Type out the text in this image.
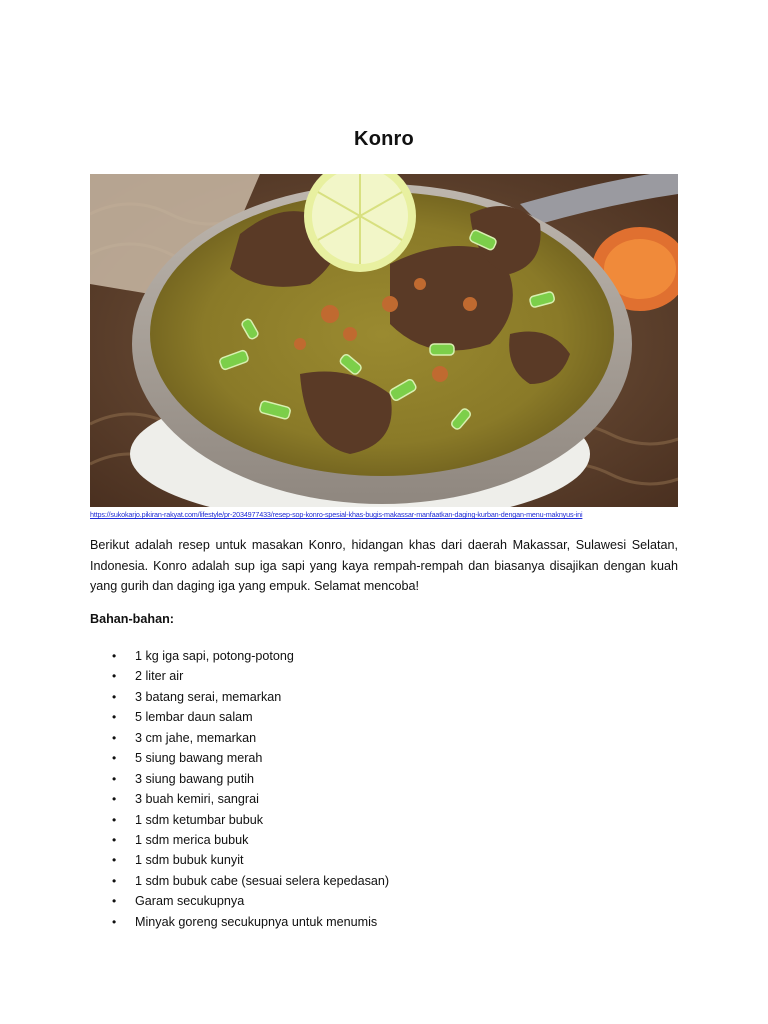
Konro
https://sukokarjo.pikiran-rakyat.com/lifestyle/pr-2034977433/resep-sop-konro-spesial-khas-bugis-makassar-manfaatkan-daging-kurban-dengan-menu-maknyus-ini

Berikut adalah resep untuk masakan Konro, hidangan khas dari daerah Makassar, Sulawesi Selatan, Indonesia. Konro adalah sup iga sapi yang kaya rempah-rempah dan biasanya disajikan dengan kuah yang gurih dan daging iga yang empuk. Selamat mencoba!

Bahan-bahan:

• 1 kg iga sapi, potong-potong
• 2 liter air
• 3 batang serai, memarkan
• 5 lembar daun salam
• 3 cm jahe, memarkan
• 5 siung bawang merah
• 3 siung bawang putih
• 3 buah kemiri, sangrai
• 1 sdm ketumbar bubuk
• 1 sdm merica bubuk
• 1 sdm bubuk kunyit
• 1 sdm bubuk cabe (sesuai selera kepedasan)
• Garam secukupnya
• Minyak goreng secukupnya untuk menumis
